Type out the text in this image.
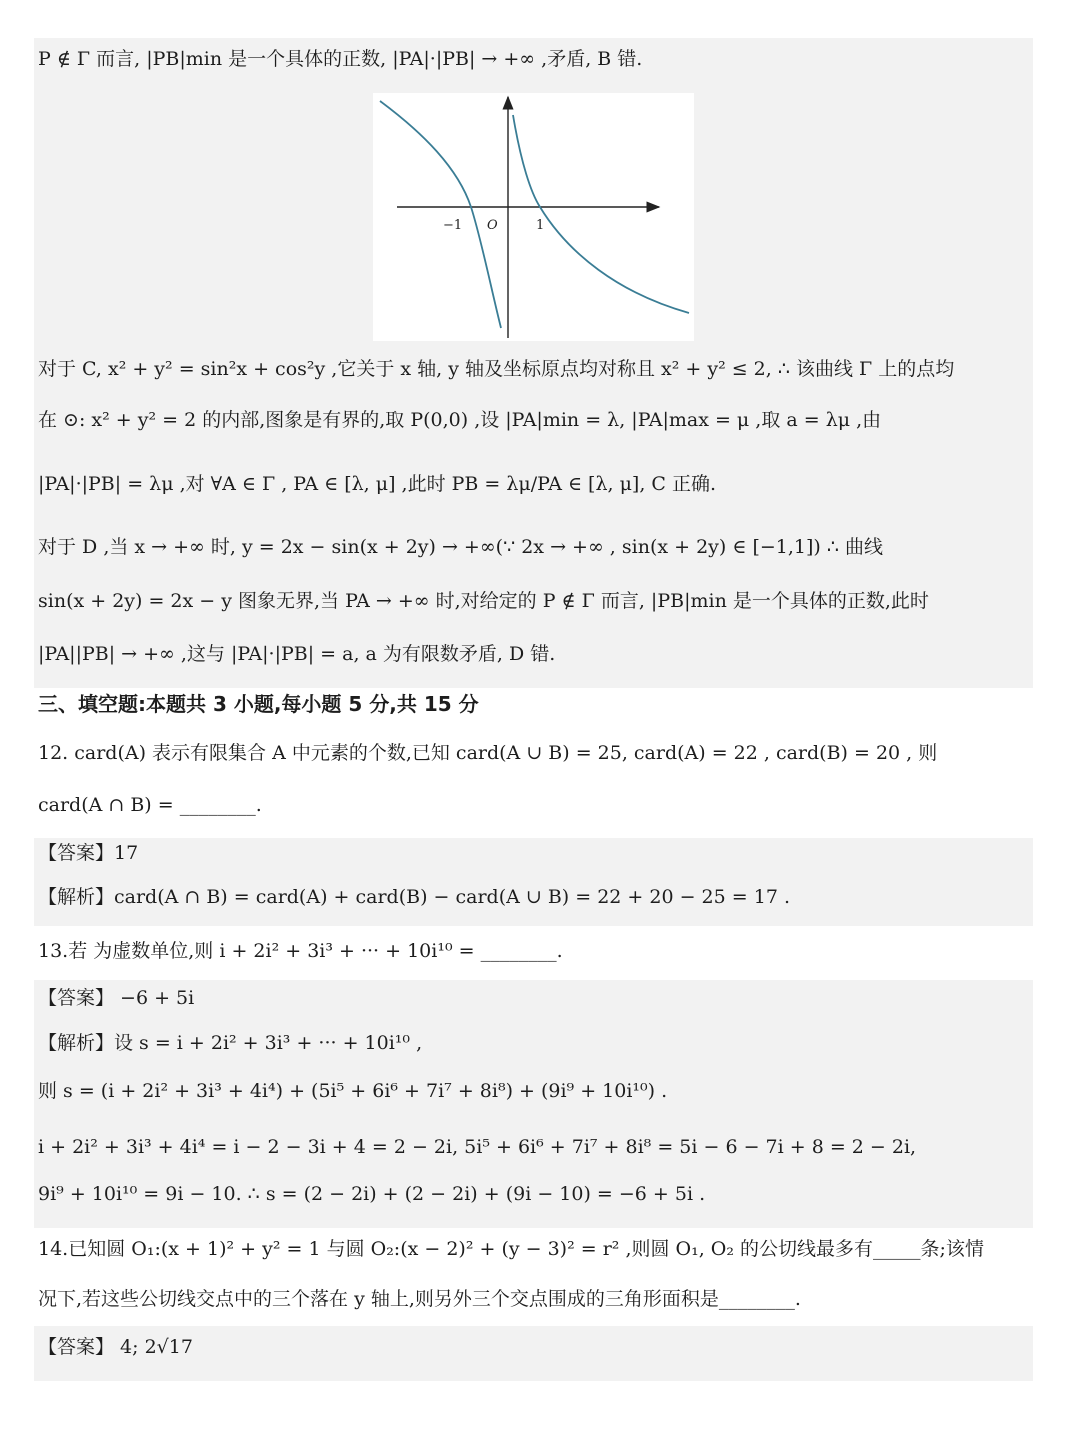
P ∉ Γ 而言, |PB|min 是一个具体的正数, |PA|·|PB| → +∞ ,矛盾, B 错.
−1 O	1
对于 C, x² + y² = sin²x + cos²y ,它关于 x 轴, y 轴及坐标原点均对称且 x² + y² ≤ 2, ∴ 该曲线 Γ 上的点均
在 ⊙: x² + y² = 2 的内部,图象是有界的,取 P(0,0) ,设 |PA|min = λ, |PA|max = μ ,取 a = λμ ,由
|PA|·|PB| = λμ ,对 ∀A ∈ Γ , PA ∈ [λ, μ] ,此时 PB = λμ/PA ∈ [λ, μ], C 正确.
对于 D ,当 x → +∞ 时, y = 2x − sin(x + 2y) → +∞(∵ 2x → +∞ , sin(x + 2y) ∈ [−1,1]) ∴ 曲线
sin(x + 2y) = 2x − y 图象无界,当 PA → +∞ 时,对给定的 P ∉ Γ 而言, |PB|min 是一个具体的正数,此时
|PA||PB| → +∞ ,这与 |PA|·|PB| = a, a 为有限数矛盾, D 错.
三、填空题:本题共 3 小题,每小题 5 分,共 15 分
12. card(A) 表示有限集合 A 中元素的个数,已知 card(A ∪ B) = 25, card(A) = 22 , card(B) = 20 , 则
card(A ∩ B) = ________.
【答案】17
【解析】card(A ∩ B) = card(A) + card(B) − card(A ∪ B) = 22 + 20 − 25 = 17 .
13.若 为虚数单位,则 i + 2i² + 3i³ + ··· + 10i¹⁰ = ________.
【答案】 −6 + 5i
【解析】设 s = i + 2i² + 3i³ + ··· + 10i¹⁰ ,
则 s = (i + 2i² + 3i³ + 4i⁴) + (5i⁵ + 6i⁶ + 7i⁷ + 8i⁸) + (9i⁹ + 10i¹⁰) .
i + 2i² + 3i³ + 4i⁴ = i − 2 − 3i + 4 = 2 − 2i, 5i⁵ + 6i⁶ + 7i⁷ + 8i⁸ = 5i − 6 − 7i + 8 = 2 − 2i,
9i⁹ + 10i¹⁰ = 9i − 10. ∴ s = (2 − 2i) + (2 − 2i) + (9i − 10) = −6 + 5i .
14.已知圆 O₁:(x + 1)² + y² = 1 与圆 O₂:(x − 2)² + (y − 3)² = r² ,则圆 O₁, O₂ 的公切线最多有_____条;该情
况下,若这些公切线交点中的三个落在 y 轴上,则另外三个交点围成的三角形面积是________.
【答案】 4; 2√17
